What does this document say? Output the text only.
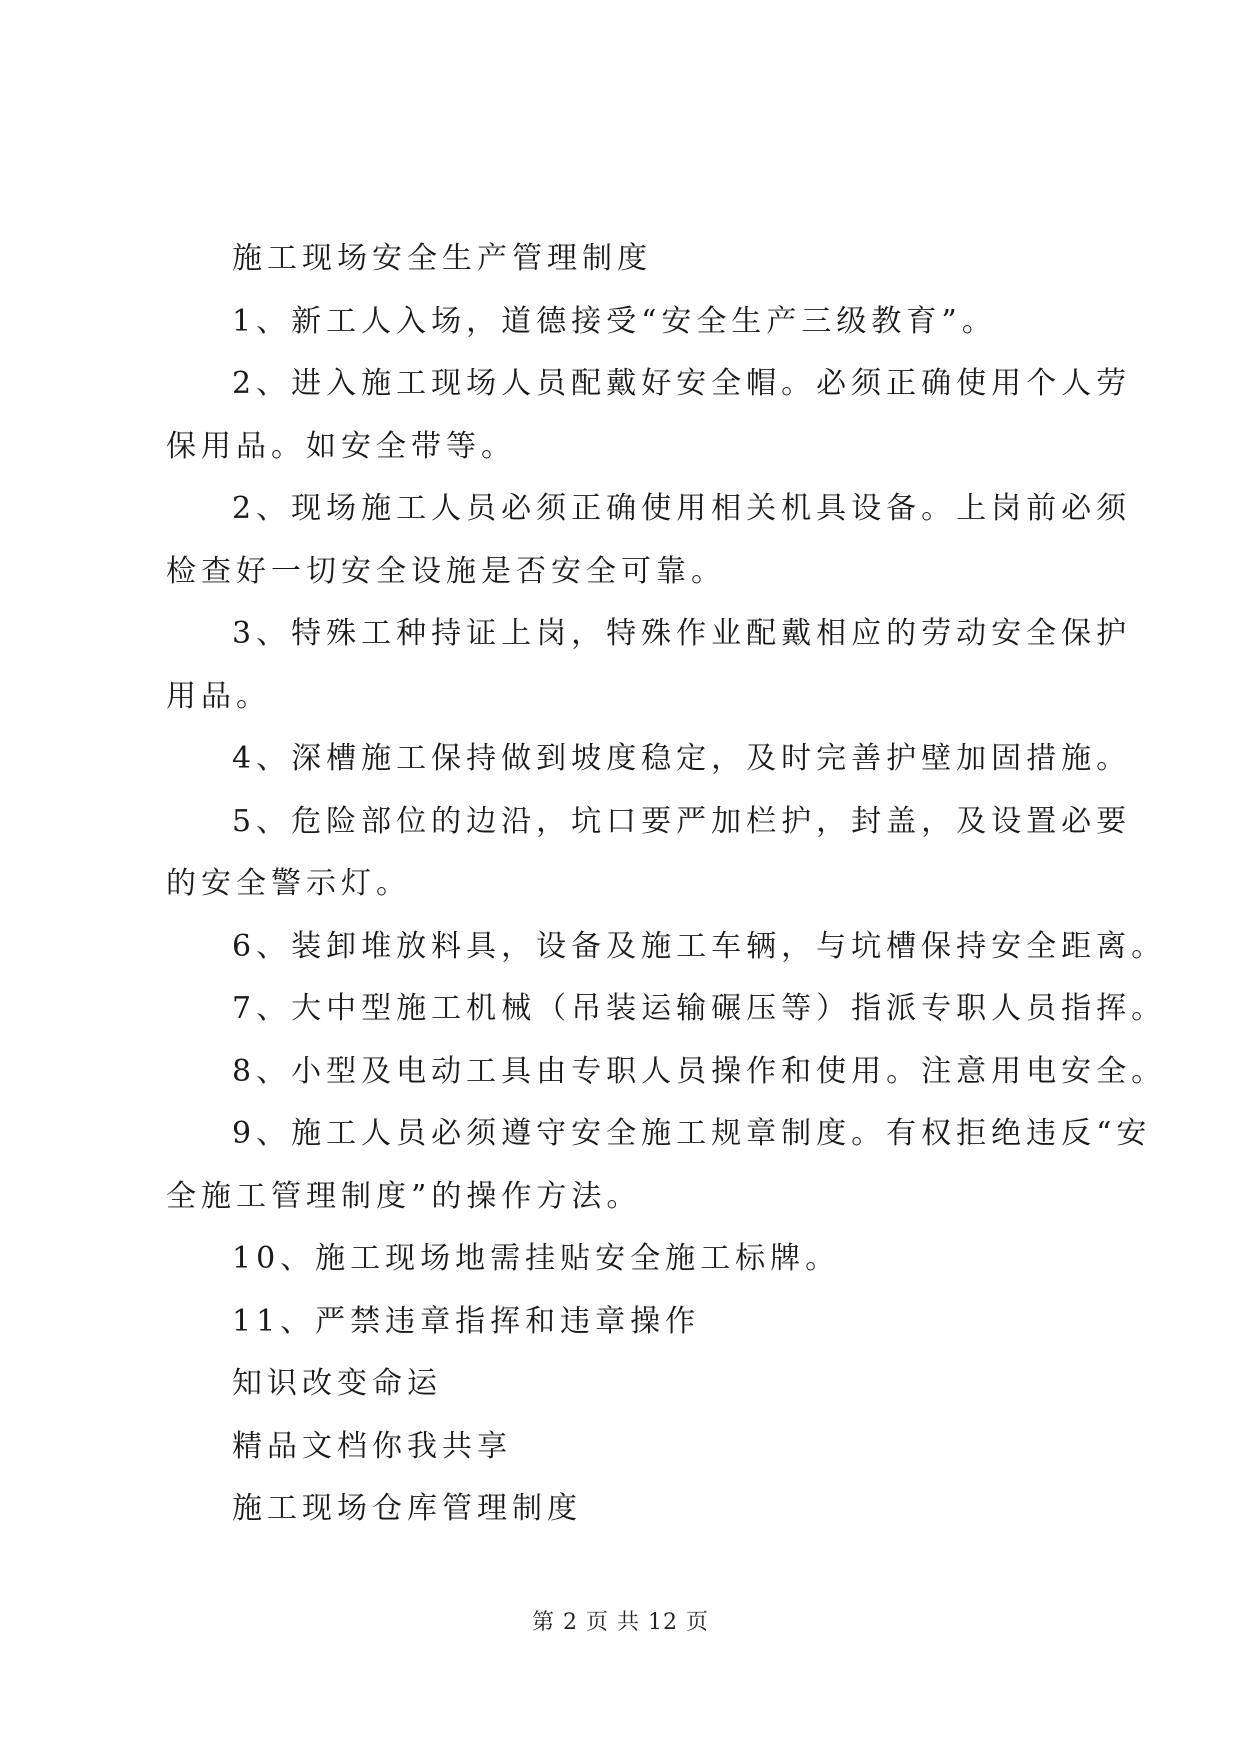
施工现场安全生产管理制度
1、新工人入场，道德接受“安全生产三级教育”。
2、进入施工现场人员配戴好安全帽。必须正确使用个人劳
保用品。如安全带等。
2、现场施工人员必须正确使用相关机具设备。上岗前必须
检查好一切安全设施是否安全可靠。
3、特殊工种持证上岗，特殊作业配戴相应的劳动安全保护
用品。
4、深槽施工保持做到坡度稳定，及时完善护壁加固措施。
5、危险部位的边沿，坑口要严加栏护，封盖，及设置必要
的安全警示灯。
6、装卸堆放料具，设备及施工车辆，与坑槽保持安全距离。
7、大中型施工机械（吊装运输碾压等）指派专职人员指挥。
8、小型及电动工具由专职人员操作和使用。注意用电安全。
9、施工人员必须遵守安全施工规章制度。有权拒绝违反“安
全施工管理制度”的操作方法。
10、施工现场地需挂贴安全施工标牌。
11、严禁违章指挥和违章操作
知识改变命运
精品文档你我共享
施工现场仓库管理制度
第 2 页 共 12 页
